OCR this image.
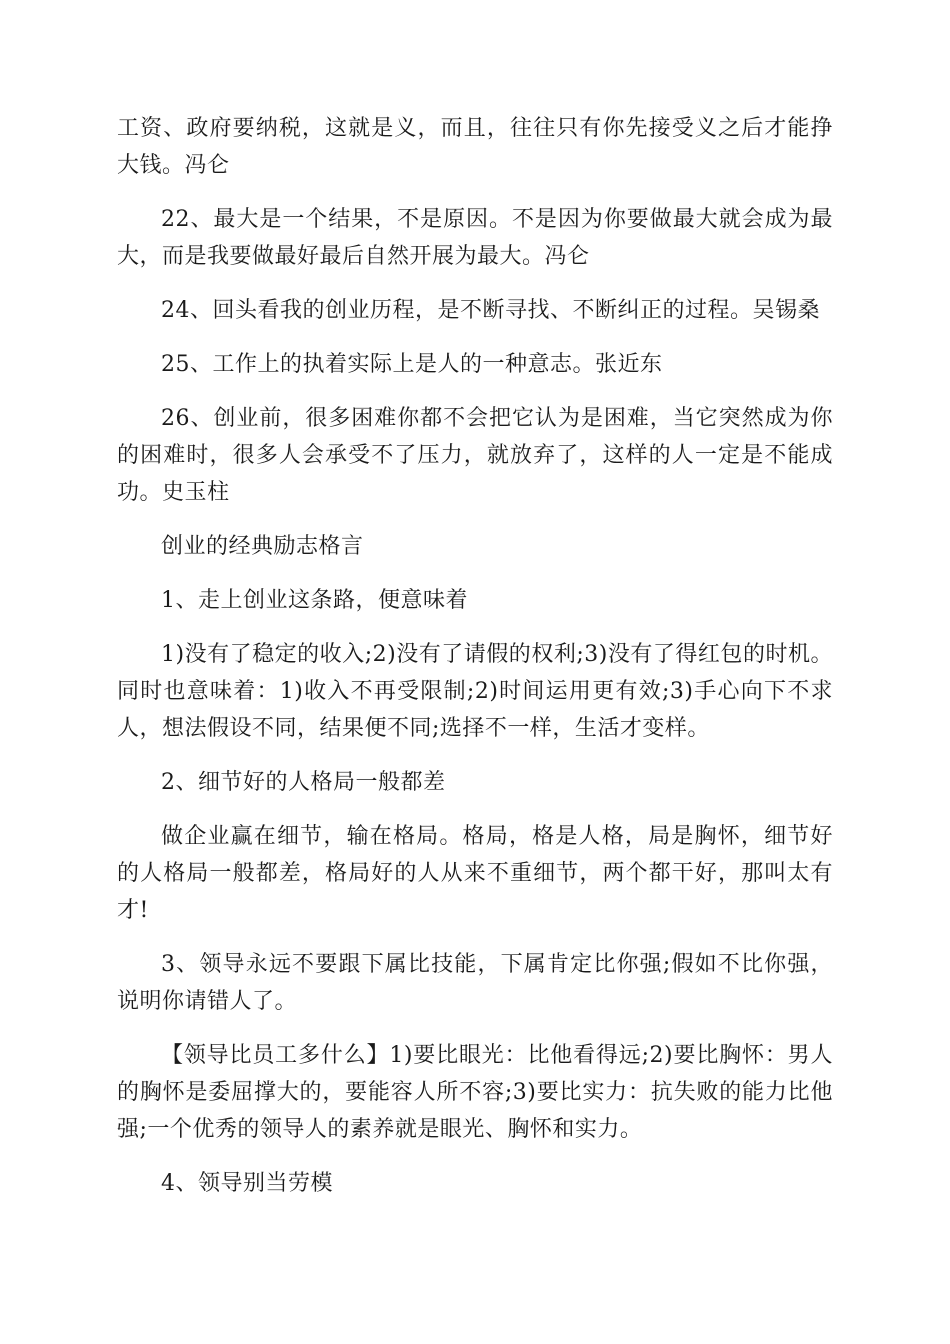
工资、政府要纳税，这就是义，而且，往往只有你先接受义之后才能挣大钱。冯仑

22、最大是一个结果，不是原因。不是因为你要做最大就会成为最大，而是我要做最好最后自然开展为最大。冯仑

24、回头看我的创业历程，是不断寻找、不断纠正的过程。吴锡桑

25、工作上的执着实际上是人的一种意志。张近东

26、创业前，很多困难你都不会把它认为是困难，当它突然成为你的困难时，很多人会承受不了压力，就放弃了，这样的人一定是不能成功。史玉柱

创业的经典励志格言

1、走上创业这条路，便意味着

1)没有了稳定的收入;2)没有了请假的权利;3)没有了得红包的时机。同时也意味着：1)收入不再受限制;2)时间运用更有效;3)手心向下不求人，想法假设不同，结果便不同;选择不一样，生活才变样。

2、细节好的人格局一般都差

做企业赢在细节，输在格局。格局，格是人格，局是胸怀，细节好的人格局一般都差，格局好的人从来不重细节，两个都干好，那叫太有才!

3、领导永远不要跟下属比技能，下属肯定比你强;假如不比你强，说明你请错人了。

【领导比员工多什么】1)要比眼光：比他看得远;2)要比胸怀：男人的胸怀是委屈撑大的，要能容人所不容;3)要比实力：抗失败的能力比他强;一个优秀的领导人的素养就是眼光、胸怀和实力。

4、领导别当劳模
